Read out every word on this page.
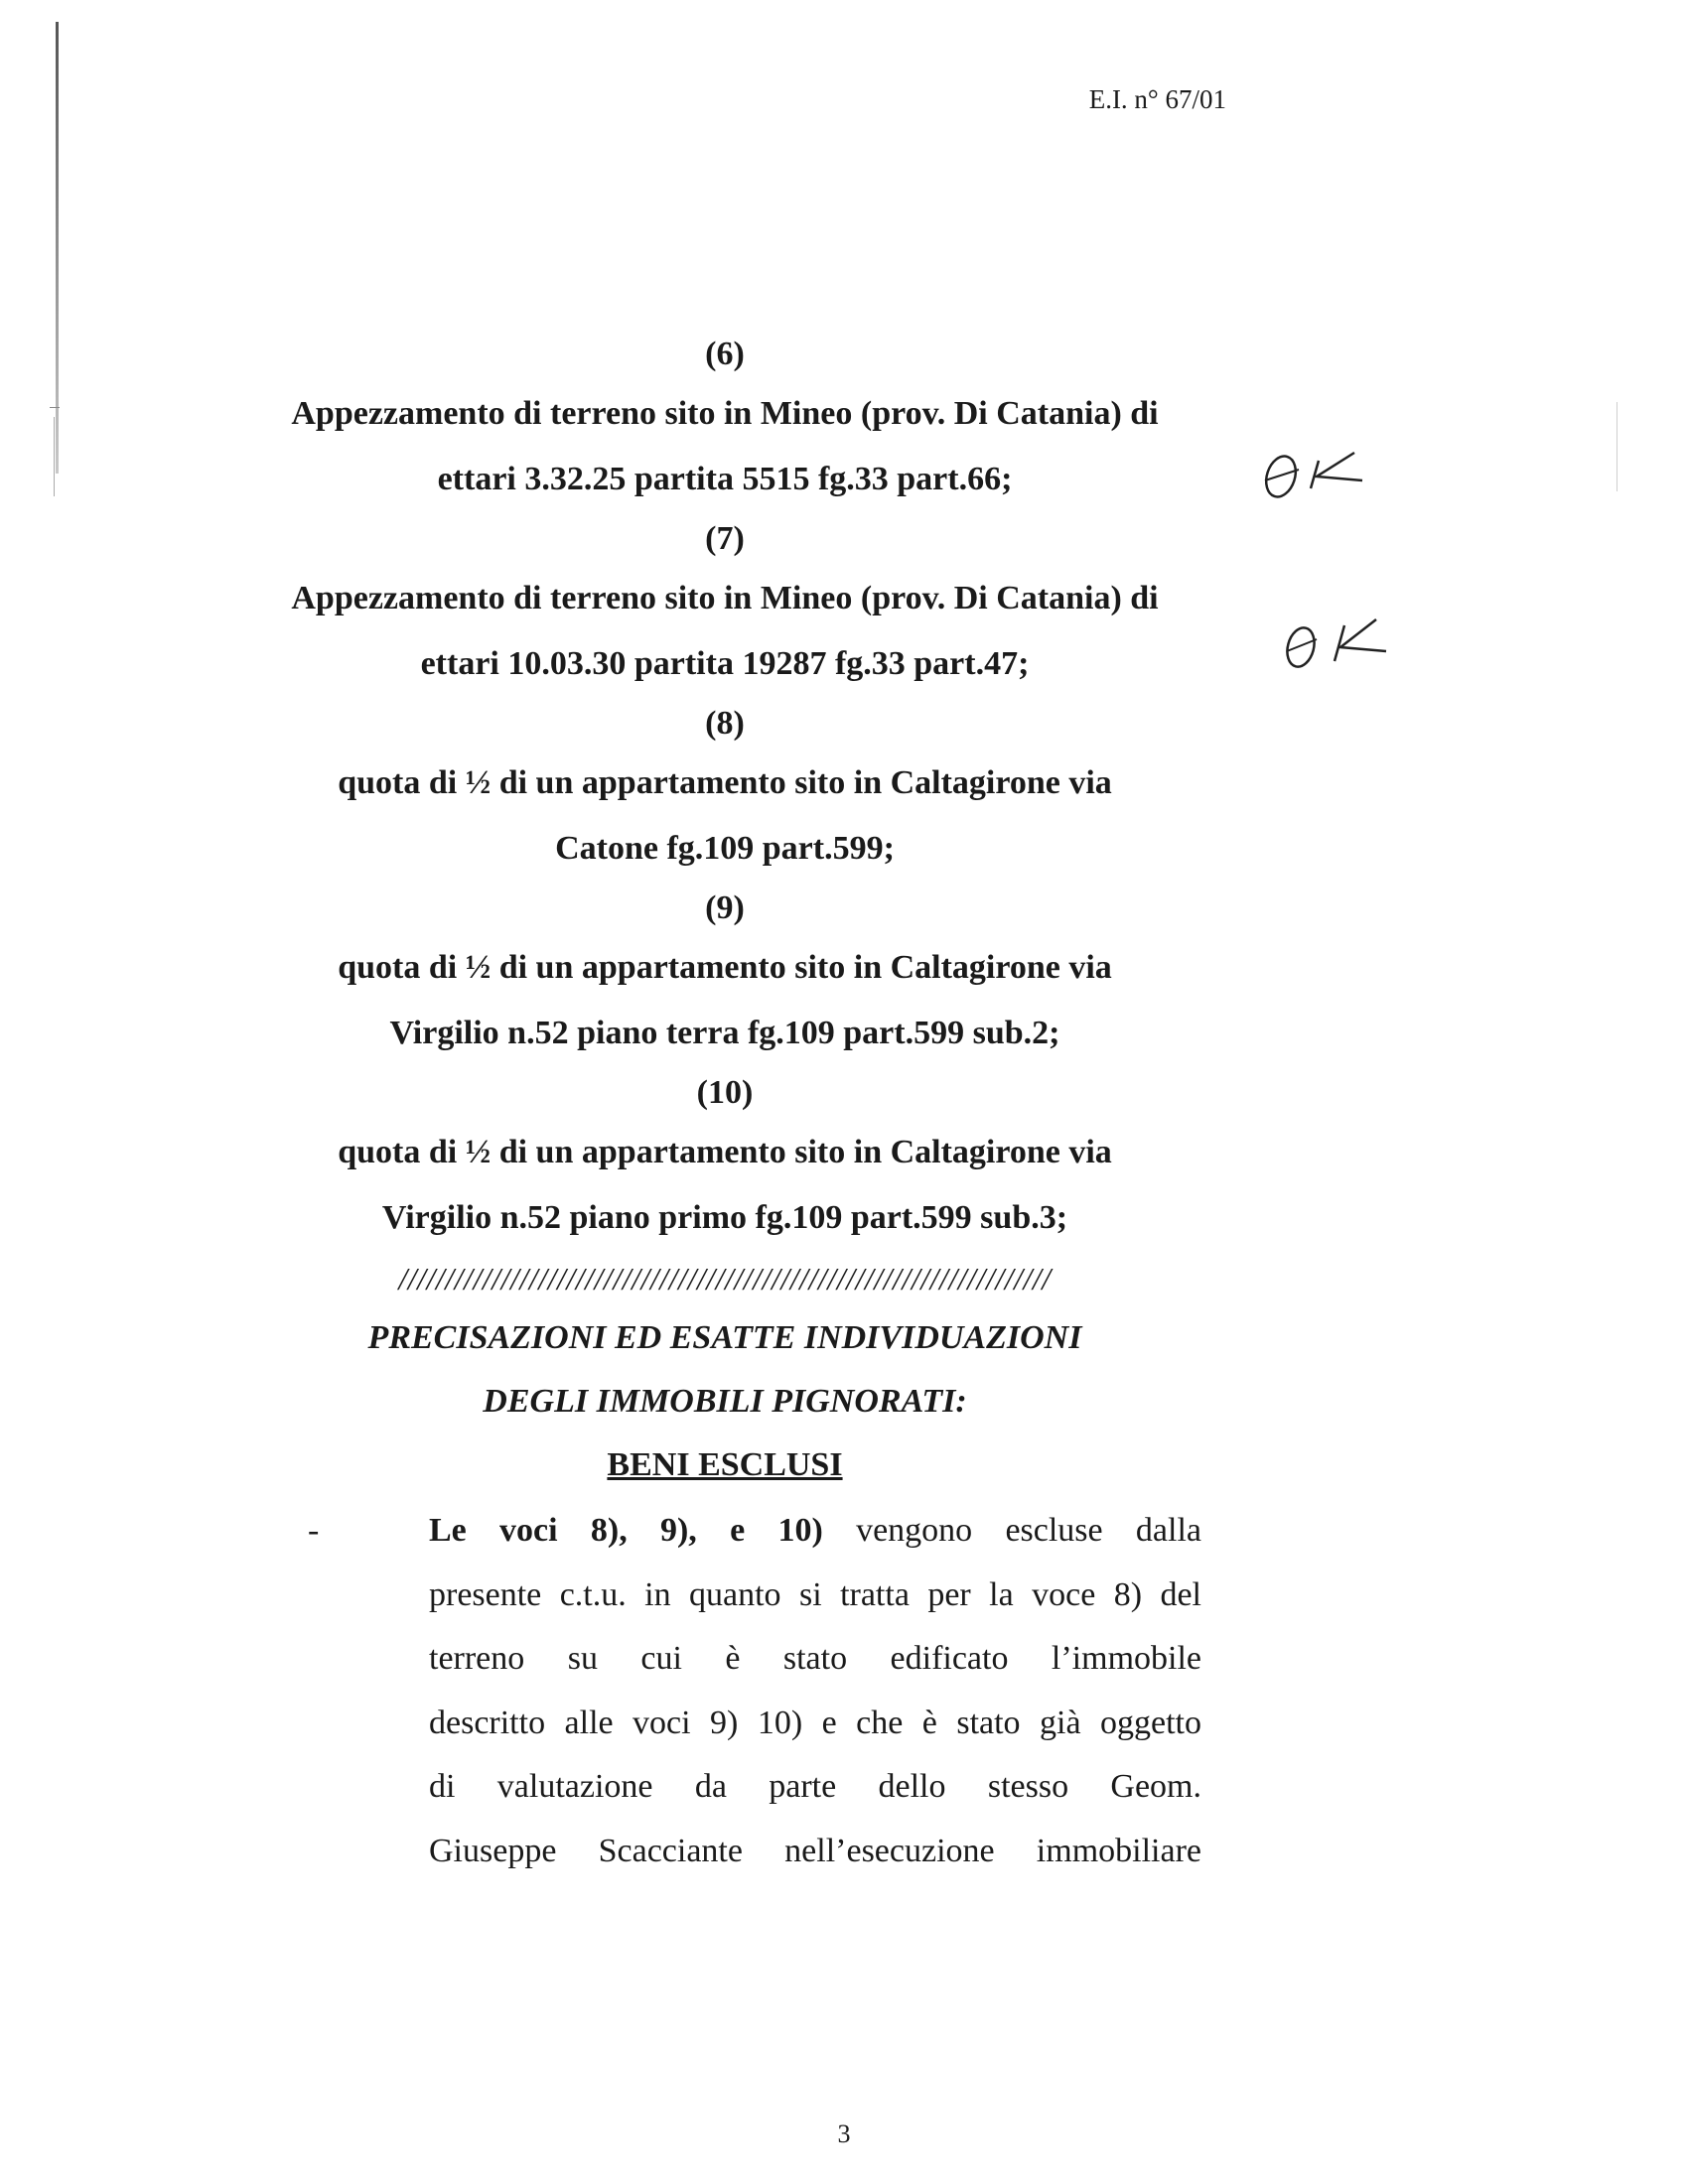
E.I. n° 67/01
(6)
Appezzamento di terreno sito in Mineo (prov. Di Catania) di
ettari 3.32.25 partita 5515 fg.33 part.66;
(7)
Appezzamento di terreno sito in Mineo (prov. Di Catania) di
ettari 10.03.30 partita 19287 fg.33 part.47;
(8)
quota di ½ di un appartamento sito in Caltagirone via
Catone fg.109 part.599;
(9)
quota di ½ di un appartamento sito in Caltagirone via
Virgilio n.52 piano terra fg.109 part.599 sub.2;
(10)
quota di ½ di un appartamento sito in Caltagirone via
Virgilio n.52 piano primo fg.109 part.599 sub.3;
//////////////////////////////////////////////////////////////////////
PRECISAZIONI ED ESATTE INDIVIDUAZIONI
DEGLI IMMOBILI PIGNORATI:
BENI ESCLUSI
-	Le voci 8), 9), e 10) vengono escluse dalla
presente c.t.u. in quanto si tratta per la voce 8) del
terreno su cui è stato edificato l’immobile
descritto alle voci 9) 10) e che è stato già oggetto
di valutazione da parte dello stesso Geom.
Giuseppe Scacciante nell’esecuzione immobiliare
3
